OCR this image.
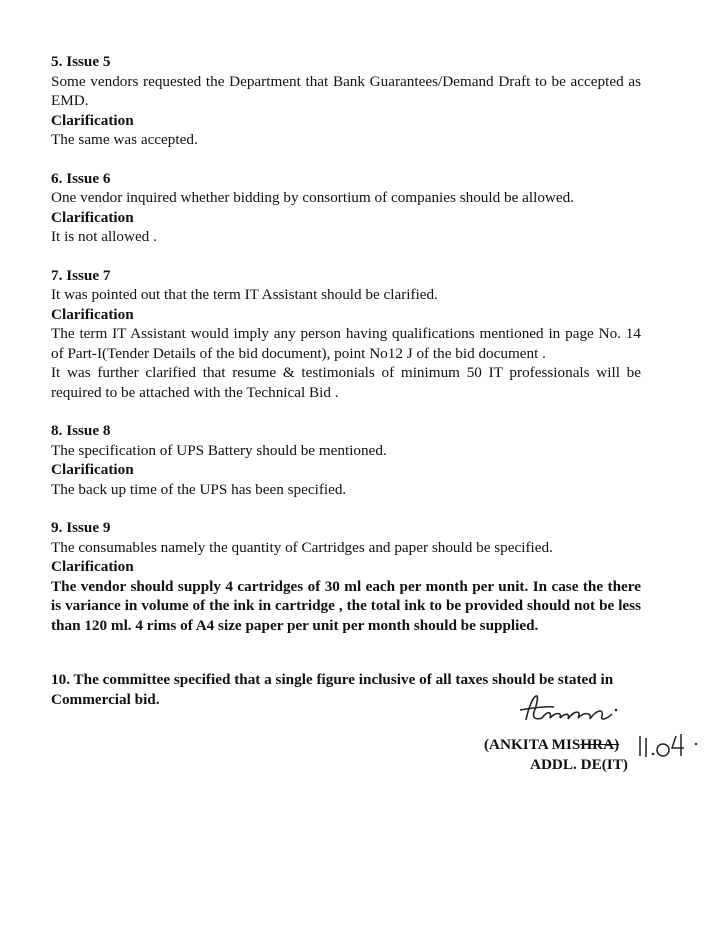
5. Issue 5

Some vendors requested the Department that Bank Guarantees/Demand Draft to be accepted as EMD.

Clarification

The same was accepted.

6. Issue 6

One vendor inquired whether bidding by consortium of companies should be allowed.

Clarification

It is not allowed .

7. Issue 7

It was pointed out that the term IT Assistant should be clarified.

Clarification

The term IT Assistant would imply any person having qualifications mentioned in page No. 14 of Part-I(Tender Details of the bid document), point No12 J of the bid document .

It was further clarified that resume & testimonials of minimum 50 IT professionals will be required to be attached with the Technical Bid .

8. Issue 8

The specification of UPS Battery should be mentioned.

Clarification

The back up time of the UPS has been specified.

9. Issue 9

The consumables namely the quantity of Cartridges and paper should be specified.

Clarification

The vendor should supply 4 cartridges of 30 ml each per month per unit. In case the there is variance in volume of the ink in cartridge , the total ink to be provided should not be less than 120 ml. 4 rims of A4 size paper per unit per month should be supplied.

10. The committee specified that a single figure inclusive of all taxes should be stated in Commercial bid.

(ANKITA MISHRA)
ADDL. DE(IT)
